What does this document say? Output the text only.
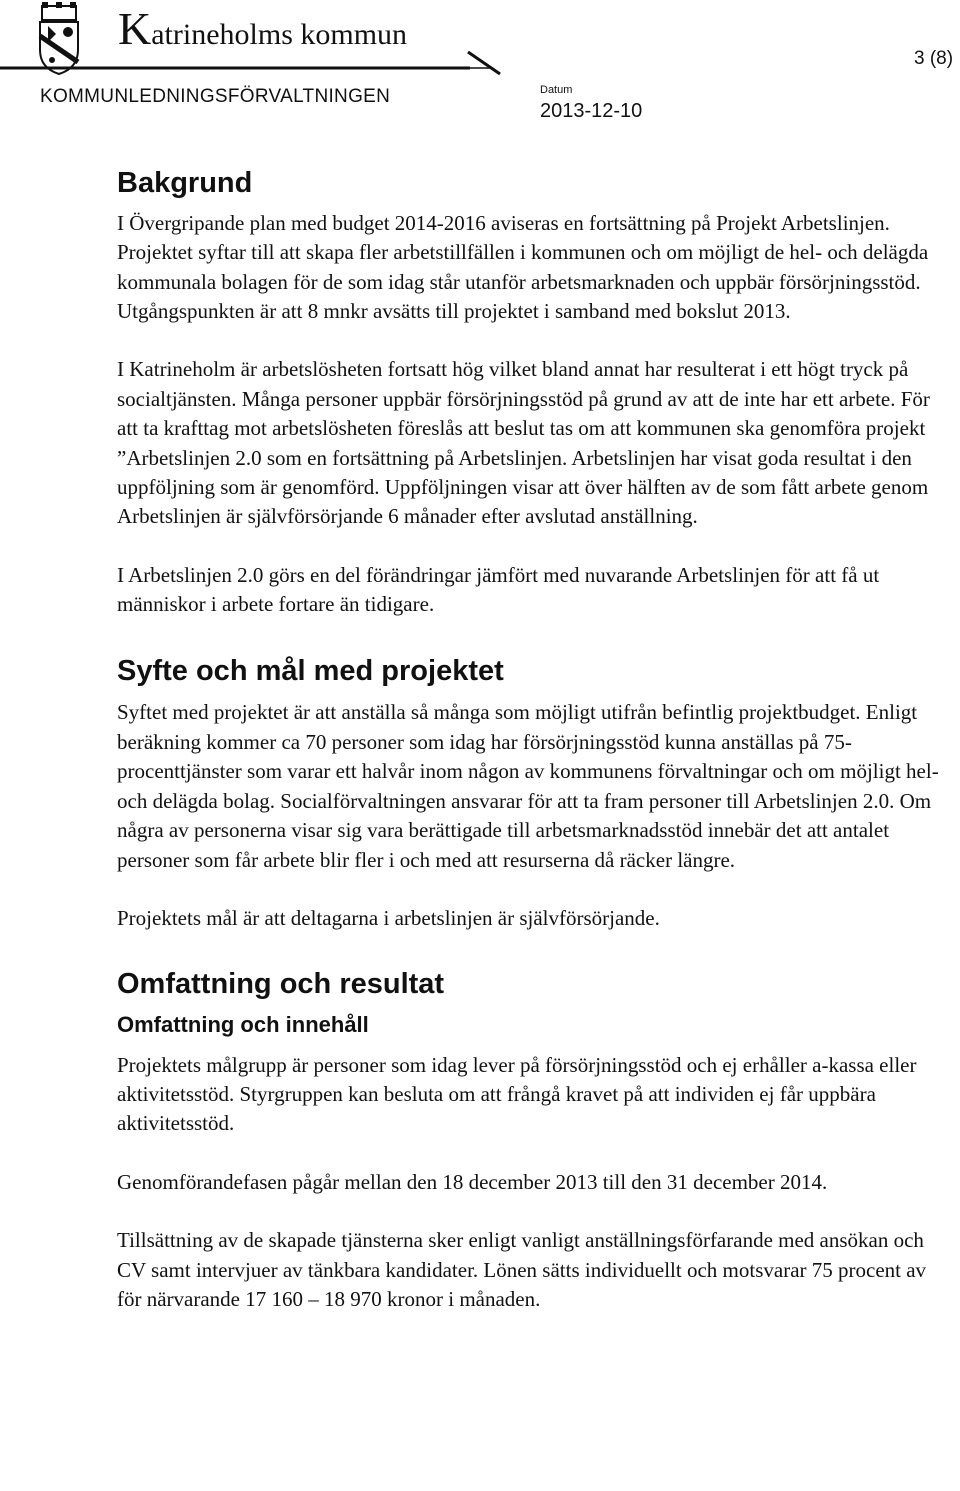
Katrineholms kommun
KOMMUNLEDNINGSFÖRVALTNINGEN	Datum
2013-12-10
3 (8)
Bakgrund

I Övergripande plan med budget 2014-2016 aviseras en fortsättning på Projekt Arbetslinjen. Projektet syftar till att skapa fler arbetstillfällen i kommunen och om möjligt de hel- och delägda kommunala bolagen för de som idag står utanför arbetsmarknaden och uppbär försörjningsstöd. Utgångspunkten är att 8 mnkr avsätts till projektet i samband med bokslut 2013.

I Katrineholm är arbetslösheten fortsatt hög vilket bland annat har resulterat i ett högt tryck på socialtjänsten. Många personer uppbär försörjningsstöd på grund av att de inte har ett arbete. För att ta krafttag mot arbetslösheten föreslås att beslut tas om att kommunen ska genomföra projekt ”Arbetslinjen 2.0 som en fortsättning på Arbetslinjen. Arbetslinjen har visat goda resultat i den uppföljning som är genomförd. Uppföljningen visar att över hälften av de som fått arbete genom Arbetslinjen är självförsörjande 6 månader efter avslutad anställning.

I Arbetslinjen 2.0 görs en del förändringar jämfört med nuvarande Arbetslinjen för att få ut människor i arbete fortare än tidigare.

Syfte och mål med projektet

Syftet med projektet är att anställa så många som möjligt utifrån befintlig projektbudget. Enligt beräkning kommer ca 70 personer som idag har försörjningsstöd kunna anställas på 75-procenttjänster som varar ett halvår inom någon av kommunens förvaltningar och om möjligt hel- och delägda bolag. Socialförvaltningen ansvarar för att ta fram personer till Arbetslinjen 2.0. Om några av personerna visar sig vara berättigade till arbetsmarknadsstöd innebär det att antalet personer som får arbete blir fler i och med att resurserna då räcker längre.

Projektets mål är att deltagarna i arbetslinjen är självförsörjande.

Omfattning och resultat
Omfattning och innehåll

Projektets målgrupp är personer som idag lever på försörjningsstöd och ej erhåller a-kassa eller aktivitetsstöd. Styrgruppen kan besluta om att frångå kravet på att individen ej får uppbära aktivitetsstöd.

Genomförandefasen pågår mellan den 18 december 2013 till den 31 december 2014.

Tillsättning av de skapade tjänsterna sker enligt vanligt anställningsförfarande med ansökan och CV samt intervjuer av tänkbara kandidater. Lönen sätts individuellt och motsvarar 75 procent av för närvarande 17 160 – 18 970 kronor i månaden.
